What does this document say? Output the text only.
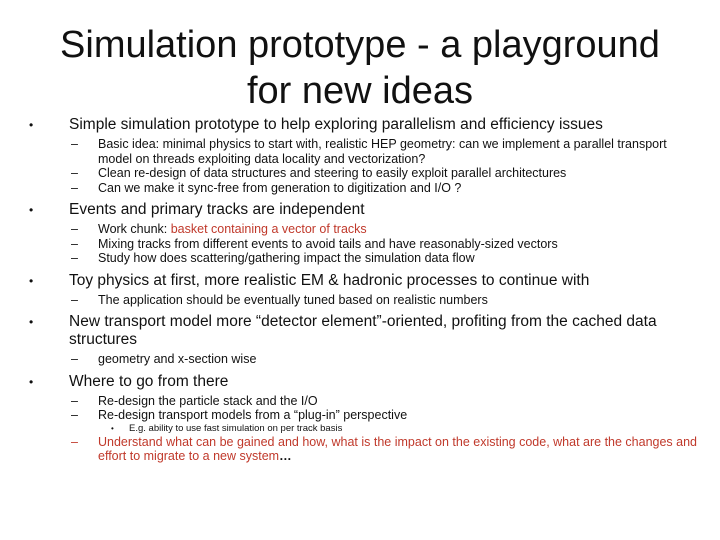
Simulation prototype - a playground
for new ideas
• Simple simulation prototype to help exploring parallelism and efficiency issues
– Basic idea: minimal physics to start with, realistic HEP geometry: can we implement a parallel transport model on threads exploiting data locality and vectorization?
– Clean re-design of data structures and steering to easily exploit parallel architectures
– Can we make it sync-free from generation to digitization and I/O ?
• Events and primary tracks are independent
– Work chunk: basket containing a vector of tracks
– Mixing tracks from different events to avoid tails and have reasonably-sized vectors
– Study how does scattering/gathering impact the simulation data flow
• Toy physics at first, more realistic EM & hadronic processes to continue with
– The application should be eventually tuned based on realistic numbers
• New transport model more “detector element”-oriented, profiting from the cached data structures
– geometry and x-section wise
• Where to go from there
– Re-design the particle stack and the I/O
– Re-design transport models from a “plug-in” perspective
• E.g. ability to use fast simulation on per track basis
– Understand what can be gained and how, what is the impact on the existing code, what are the changes and effort to migrate to a new system…
